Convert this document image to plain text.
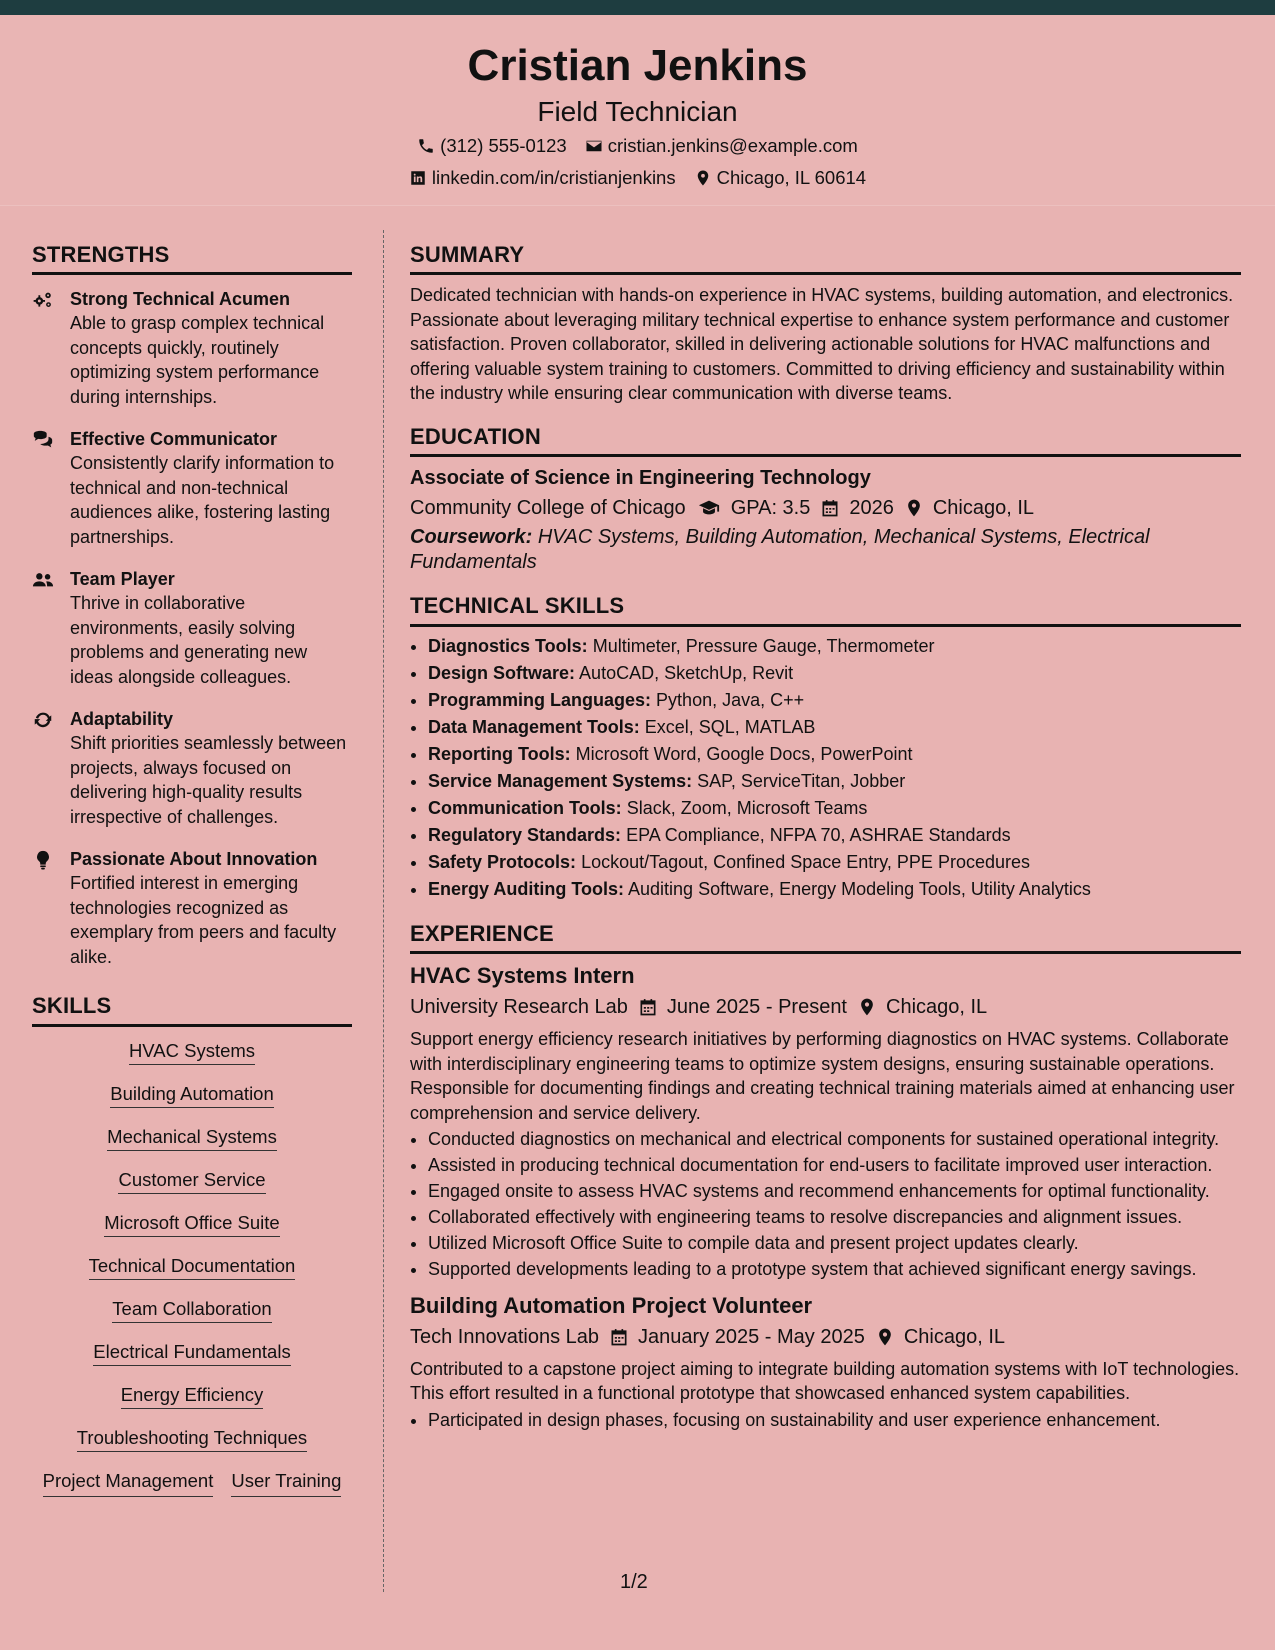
Cristian Jenkins
Field Technician
(312) 555-0123 cristian.jenkins@example.com
linkedin.com/in/cristianjenkins Chicago, IL 60614
STRENGTHS
Strong Technical Acumen
Able to grasp complex technical concepts quickly, routinely optimizing system performance during internships.
Effective Communicator
Consistently clarify information to technical and non-technical audiences alike, fostering lasting partnerships.
Team Player
Thrive in collaborative environments, easily solving problems and generating new ideas alongside colleagues.
Adaptability
Shift priorities seamlessly between projects, always focused on delivering high-quality results irrespective of challenges.
Passionate About Innovation
Fortified interest in emerging technologies recognized as exemplary from peers and faculty alike.
SKILLS
HVAC Systems
Building Automation
Mechanical Systems
Customer Service
Microsoft Office Suite
Technical Documentation
Team Collaboration
Electrical Fundamentals
Energy Efficiency
Troubleshooting Techniques
Project Management User Training
SUMMARY
Dedicated technician with hands-on experience in HVAC systems, building automation, and electronics. Passionate about leveraging military technical expertise to enhance system performance and customer satisfaction. Proven collaborator, skilled in delivering actionable solutions for HVAC malfunctions and offering valuable system training to customers. Committed to driving efficiency and sustainability within the industry while ensuring clear communication with diverse teams.
EDUCATION
Associate of Science in Engineering Technology
Community College of Chicago GPA: 3.5 2026 Chicago, IL
Coursework: HVAC Systems, Building Automation, Mechanical Systems, Electrical Fundamentals
TECHNICAL SKILLS
• Diagnostics Tools: Multimeter, Pressure Gauge, Thermometer
• Design Software: AutoCAD, SketchUp, Revit
• Programming Languages: Python, Java, C++
• Data Management Tools: Excel, SQL, MATLAB
• Reporting Tools: Microsoft Word, Google Docs, PowerPoint
• Service Management Systems: SAP, ServiceTitan, Jobber
• Communication Tools: Slack, Zoom, Microsoft Teams
• Regulatory Standards: EPA Compliance, NFPA 70, ASHRAE Standards
• Safety Protocols: Lockout/Tagout, Confined Space Entry, PPE Procedures
• Energy Auditing Tools: Auditing Software, Energy Modeling Tools, Utility Analytics
EXPERIENCE
HVAC Systems Intern
University Research Lab June 2025 - Present Chicago, IL
Support energy efficiency research initiatives by performing diagnostics on HVAC systems. Collaborate with interdisciplinary engineering teams to optimize system designs, ensuring sustainable operations. Responsible for documenting findings and creating technical training materials aimed at enhancing user comprehension and service delivery.
• Conducted diagnostics on mechanical and electrical components for sustained operational integrity.
• Assisted in producing technical documentation for end-users to facilitate improved user interaction.
• Engaged onsite to assess HVAC systems and recommend enhancements for optimal functionality.
• Collaborated effectively with engineering teams to resolve discrepancies and alignment issues.
• Utilized Microsoft Office Suite to compile data and present project updates clearly.
• Supported developments leading to a prototype system that achieved significant energy savings.
Building Automation Project Volunteer
Tech Innovations Lab January 2025 - May 2025 Chicago, IL
Contributed to a capstone project aiming to integrate building automation systems with IoT technologies. This effort resulted in a functional prototype that showcased enhanced system capabilities.
• Participated in design phases, focusing on sustainability and user experience enhancement.
1/2
